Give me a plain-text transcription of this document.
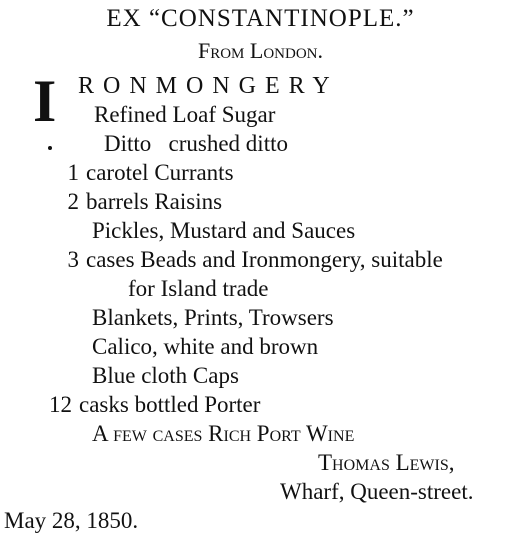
EX “CONSTANTINOPLE.”
From London.
I RONMONGERY
Refined Loaf Sugar
Ditto   crushed ditto
1 carotel Currants
2 barrels Raisins
Pickles, Mustard and Sauces
3 cases Beads and Ironmongery, suitable
for Island trade
Blankets, Prints, Trowsers
Calico, white and brown
Blue cloth Caps
12 casks bottled Porter
A few cases Rich Port Wine
Thomas Lewis,
Wharf, Queen-street.
May 28, 1850.
